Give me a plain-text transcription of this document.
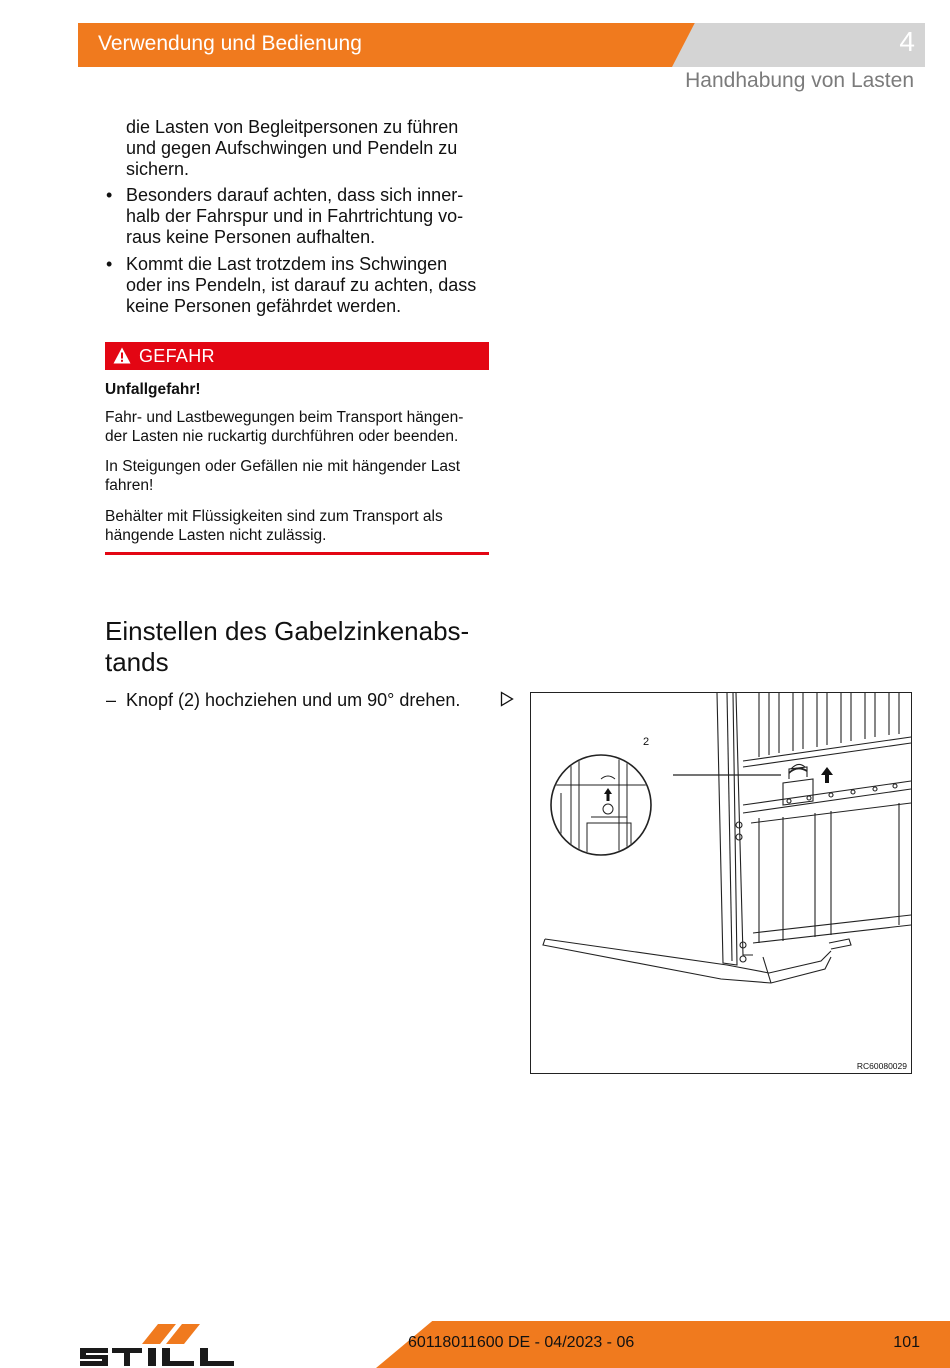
Verwendung und Bedienung	4
Handhabung von Lasten
die Lasten von Begleitpersonen zu führen
und gegen Aufschwingen und Pendeln zu
sichern.
• Besonders darauf achten, dass sich inner-
halb der Fahrspur und in Fahrtrichtung vo-
raus keine Personen aufhalten.
• Kommt die Last trotzdem ins Schwingen
oder ins Pendeln, ist darauf zu achten, dass
keine Personen gefährdet werden.
GEFAHR
Unfallgefahr!
Fahr- und Lastbewegungen beim Transport hängen-
der Lasten nie ruckartig durchführen oder beenden.
In Steigungen oder Gefällen nie mit hängender Last
fahren!
Behälter mit Flüssigkeiten sind zum Transport als
hängende Lasten nicht zulässig.
Einstellen des Gabelzinkenabs-
tands
– Knopf (2) hochziehen und um 90° drehen.
2
RC60080029
60118011600 DE - 04/2023 - 06	101
